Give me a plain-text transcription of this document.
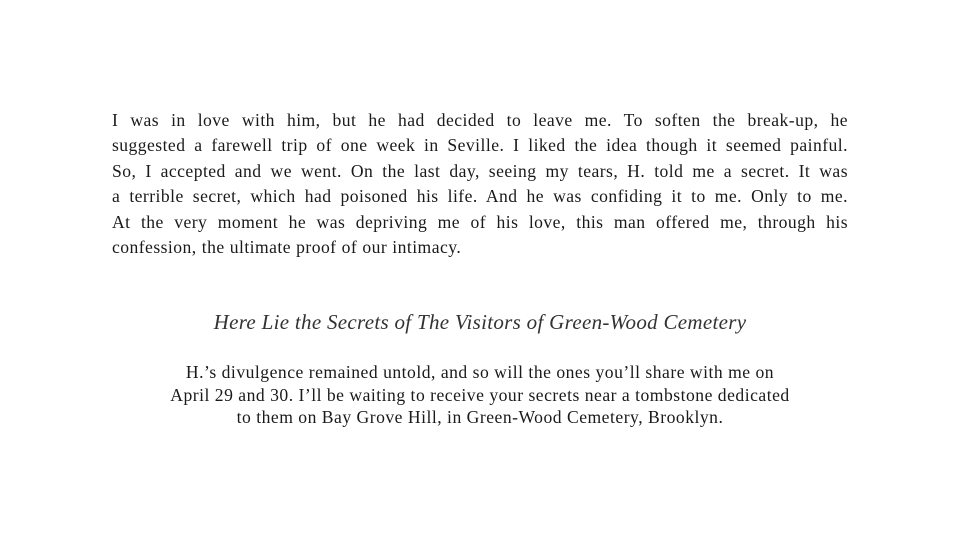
I was in love with him, but he had decided to leave me. To soften the break-up, he
suggested a farewell trip of one week in Seville. I liked the idea though it seemed painful.
So, I accepted and we went. On the last day, seeing my tears, H. told me a secret. It was
a terrible secret, which had poisoned his life. And he was confiding it to me. Only to me.
At the very moment he was depriving me of his love, this man offered me, through his
confession, the ultimate proof of our intimacy.

Here Lie the Secrets of The Visitors of Green-Wood Cemetery

H.’s divulgence remained untold, and so will the ones you’ll share with me on
April 29 and 30. I’ll be waiting to receive your secrets near a tombstone dedicated
to them on Bay Grove Hill, in Green-Wood Cemetery, Brooklyn.
